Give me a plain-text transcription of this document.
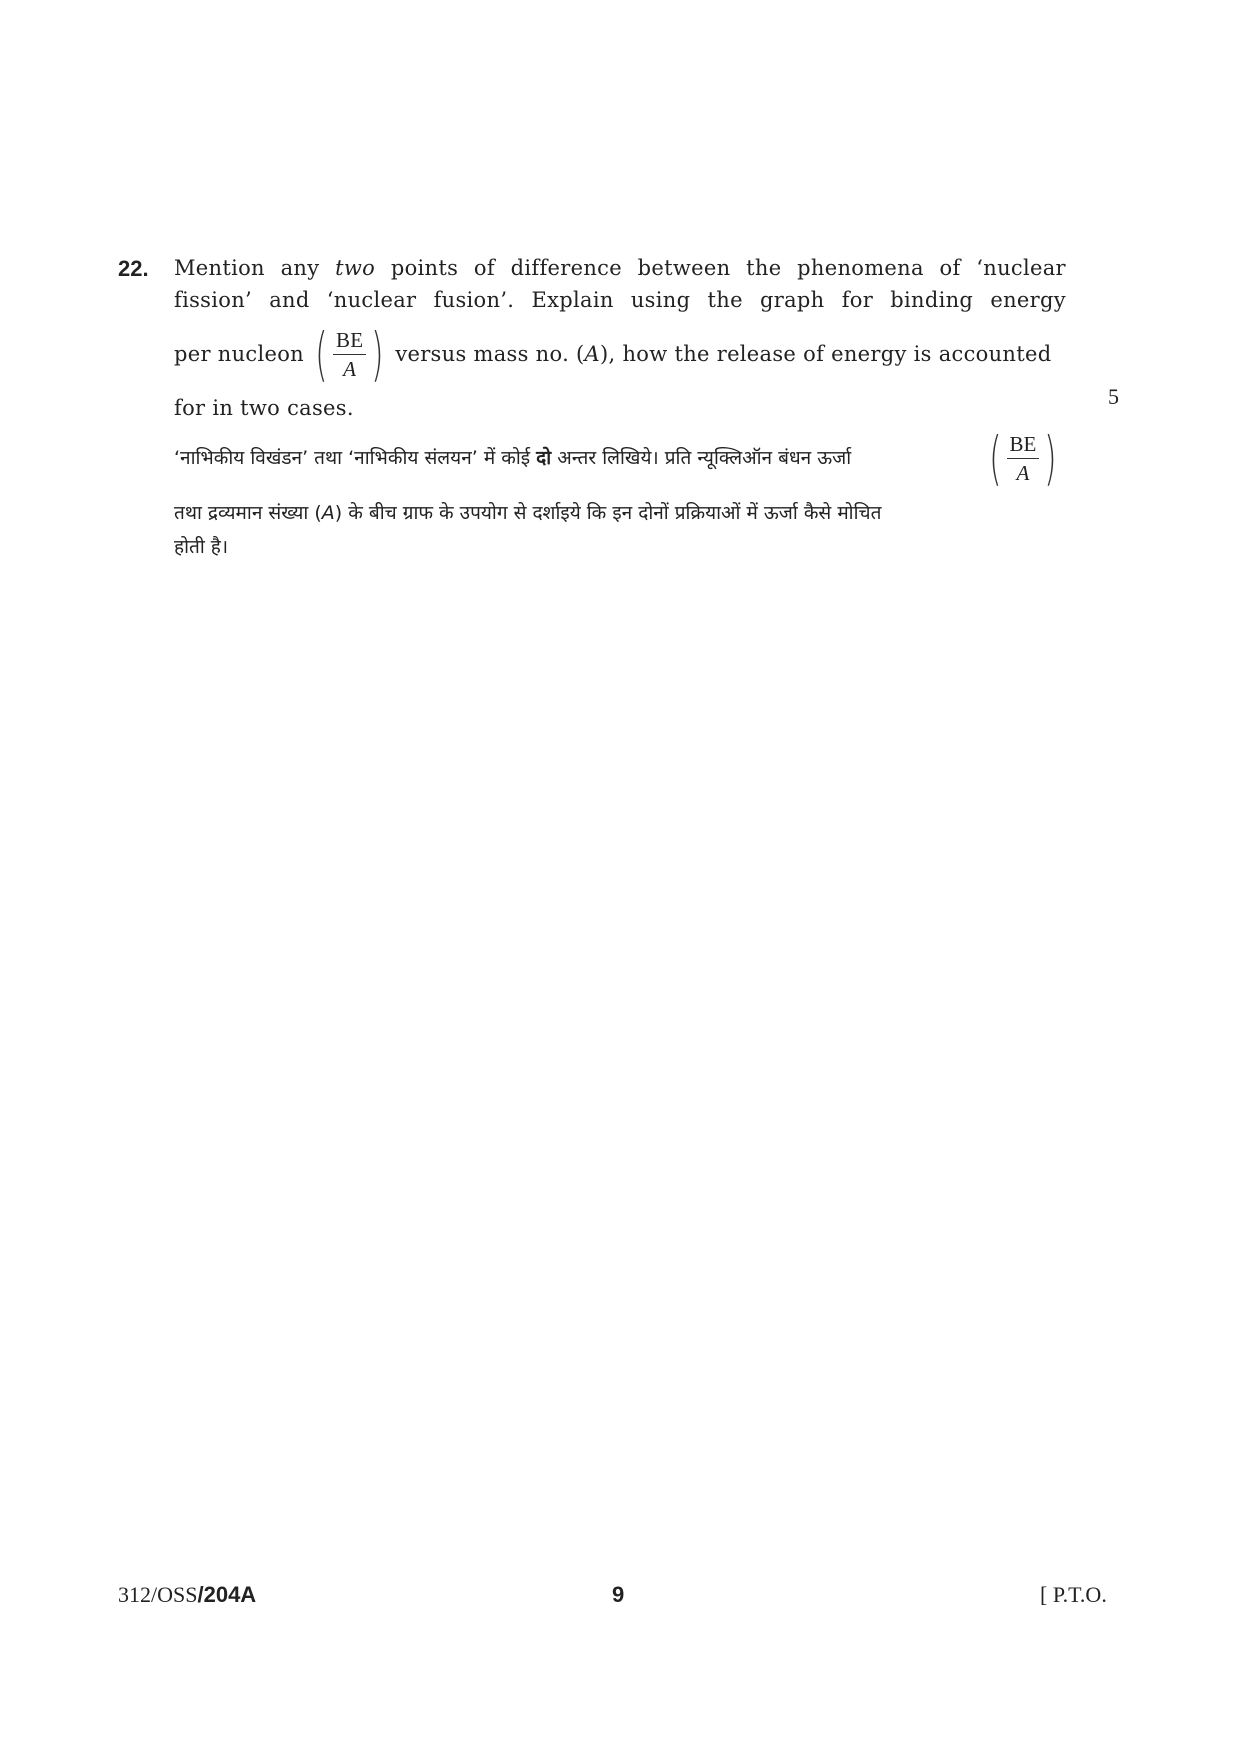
22. Mention any two points of difference between the phenomena of ‘nuclear
fission’ and ‘nuclear fusion’. Explain using the graph for binding energy
per nucleon ( $\frac{BE}{A}$ ) versus mass no. ( A ), how the release of energy is accounted
for in two cases.	5
‘नाभिकीय विखंडन’ तथा ‘नाभिकीय संलयन’ में कोई दो अन्तर लिखिये। प्रति न्यूक्लिऑन बंधन ऊर्जा ( $\frac{BE}{A}$ )
तथा द्रव्यमान संख्या (A) के बीच ग्राफ के उपयोग से दर्शाइये कि इन दोनों प्रक्रियाओं में ऊर्जा कैसे मोचित
होती है।
312/OSS/204A	9	[ P.T.O.
